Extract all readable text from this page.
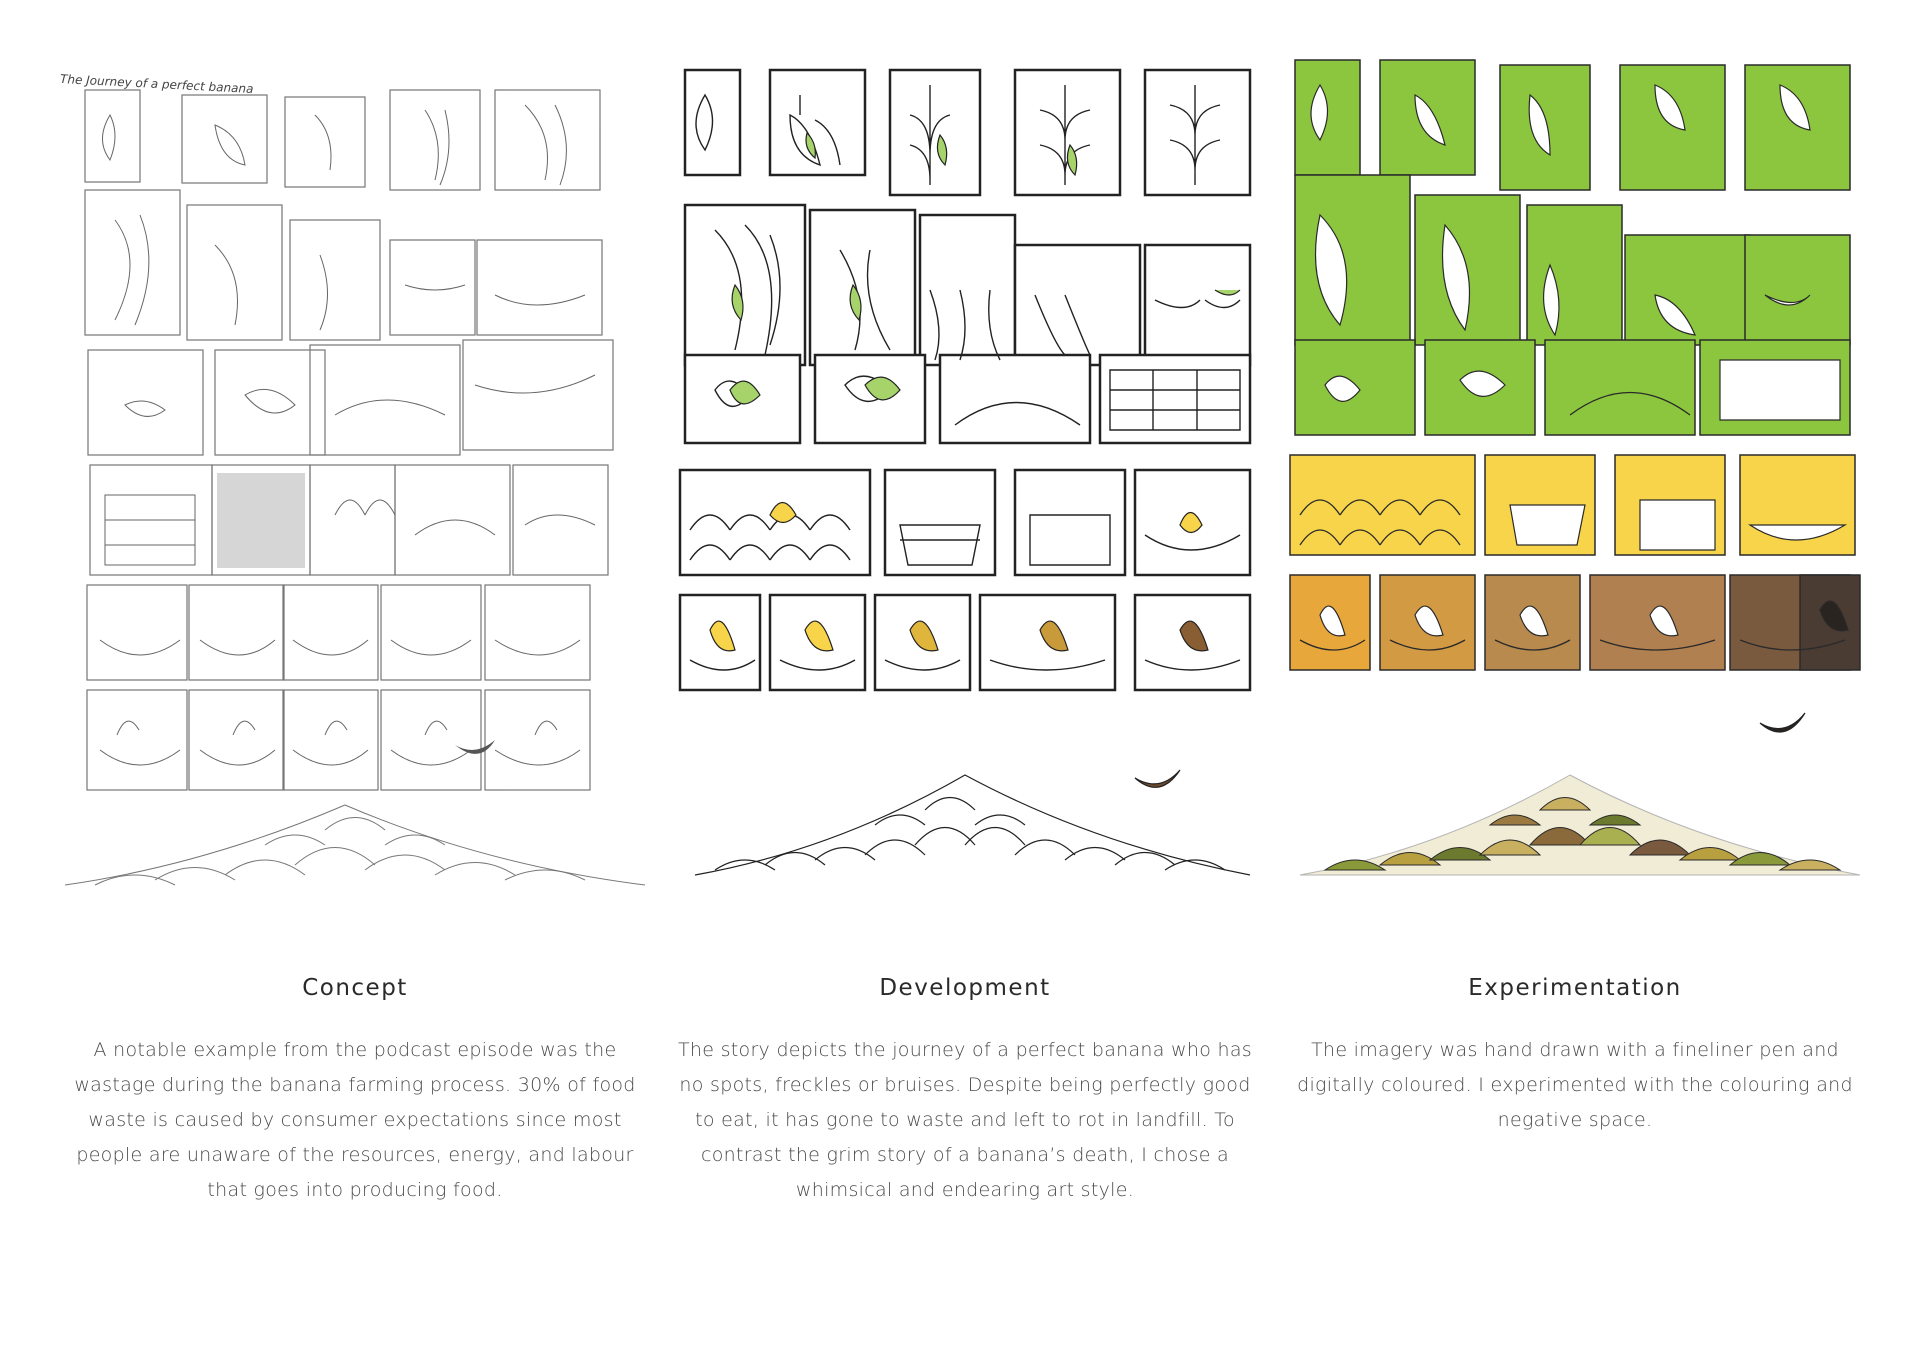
The Journey of a perfect banana
Concept
A notable example from the podcast episode was the wastage during the banana farming process. 30% of food waste is caused by consumer expectations since most people are unaware of the resources, energy, and labour that goes into producing food.
Development
The story depicts the journey of a perfect banana who has no spots, freckles or bruises. Despite being perfectly good to eat, it has gone to waste and left to rot in landfill. To contrast the grim story of a banana’s death, I chose a whimsical and endearing art style.
Experimentation
The imagery was hand drawn with a fineliner pen and digitally coloured. I experimented with the colouring and negative space.
